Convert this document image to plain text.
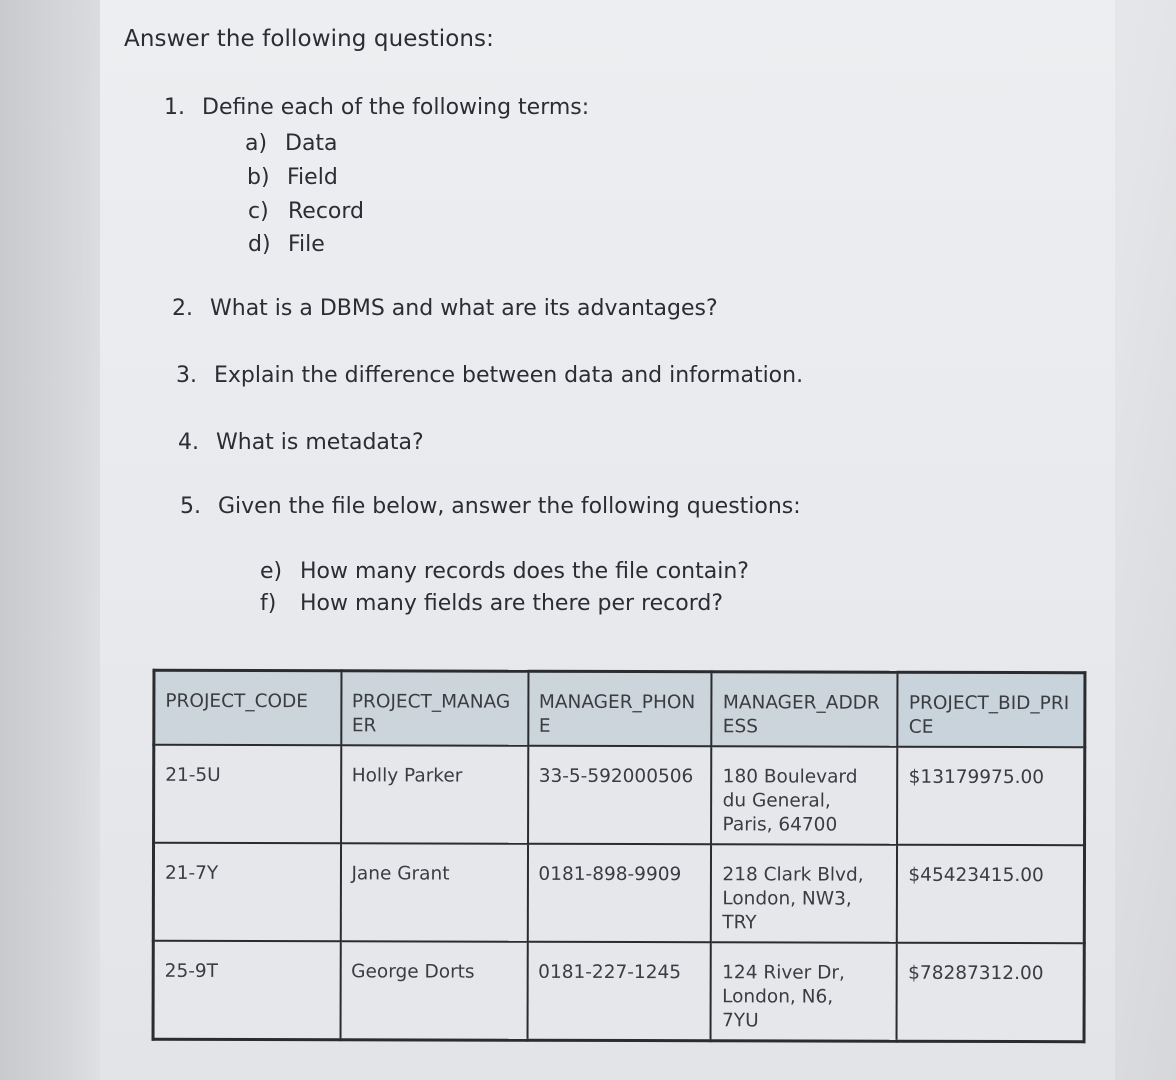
Answer the following questions:
1. Define each of the following terms:
a) Data
b) Field
c) Record
d) File
2. What is a DBMS and what are its advantages?
3. Explain the difference between data and information.
4. What is metadata?
5. Given the file below, answer the following questions:
e) How many records does the file contain?
f) How many fields are there per record?
PROJECT_CODE	PROJECT_MANAGER	MANAGER_PHONE	MANAGER_ADDRESS	PROJECT_BID_PRICE
21-5U	Holly Parker	33-5-592000506	180 Boulevard
du General,
Paris, 64700	$13179975.00
21-7Y	Jane Grant	0181-898-9909	218 Clark Blvd,
London, NW3,
TRY	$45423415.00
25-9T	George Dorts	0181-227-1245	124 River Dr,
London, N6,
7YU	$78287312.00
